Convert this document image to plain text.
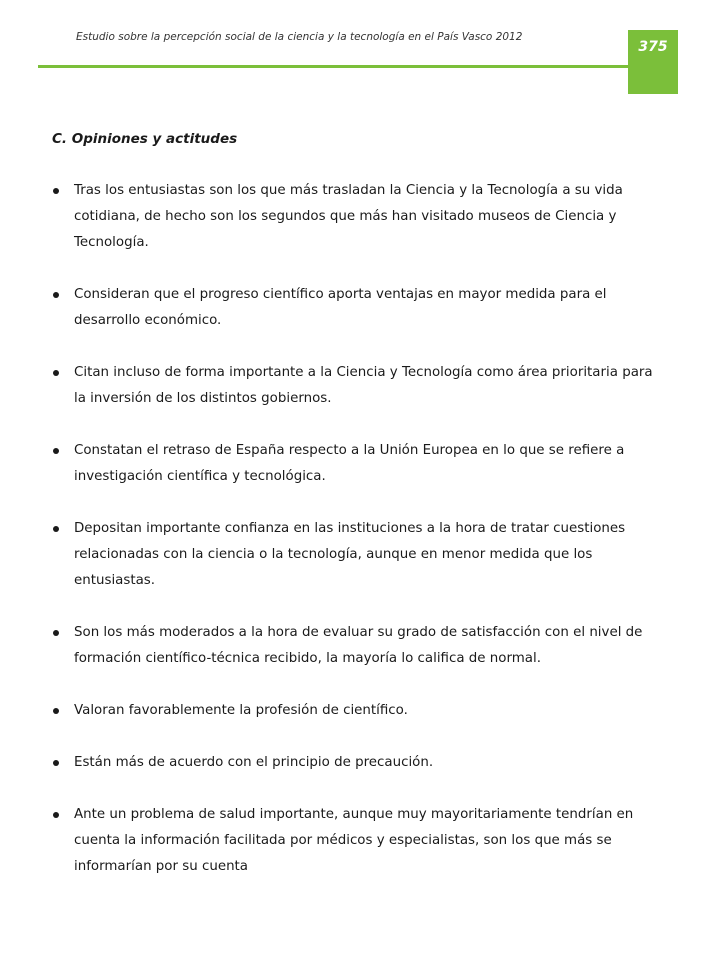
Estudio sobre la percepción social de la ciencia y la tecnología en el País Vasco 2012
375
C. Opiniones y actitudes
Tras los entusiastas son los que más trasladan la Ciencia y la Tecnología a su vida cotidiana, de hecho son los segundos que más han visitado museos de Ciencia y Tecnología.
Consideran que el progreso científico aporta ventajas en mayor medida para el desarrollo económico.
Citan incluso de forma importante a la Ciencia y Tecnología como área prioritaria para la inversión de los distintos gobiernos.
Constatan el retraso de España respecto a la Unión Europea en lo que se refiere a investigación científica y tecnológica.
Depositan importante confianza en las instituciones a la hora de tratar cuestiones relacionadas con la ciencia o la tecnología, aunque en menor medida que los entusiastas.
Son los más moderados a la hora de evaluar su grado de satisfacción con el nivel de formación científico-técnica recibido, la mayoría lo califica de normal.
Valoran favorablemente la profesión de científico.
Están más de acuerdo con el principio de precaución.
Ante un problema de salud importante, aunque muy mayoritariamente tendrían en cuenta la información facilitada por médicos y especialistas, son los que más se informarían por su cuenta
